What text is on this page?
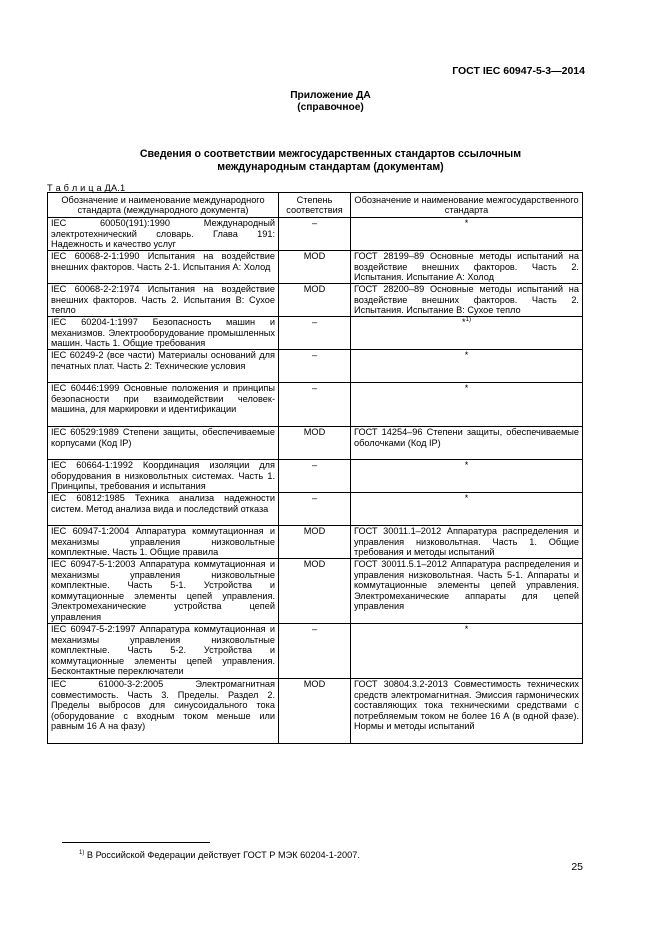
ГОСТ IEC 60947-5-3—2014
Приложение ДА
(справочное)
Сведения о соответствии межгосударственных стандартов ссылочным
международным стандартам (документам)
Т а б л и ц а ДА.1
Обозначение и наименование международного стандарта (международного документа)	Степень соответствия	Обозначение и наименование межгосударственного стандарта
IEC 60050(191):1990 Международный электротехнический словарь. Глава 191: Надежность и качество услуг	–	*
IEC 60068-2-1:1990 Испытания на воздействие внешних факторов. Часть 2-1. Испытания А: Холод	MOD	ГОСТ 28199–89 Основные методы испытаний на воздействие внешних факторов. Часть 2. Испытания. Испытание А: Холод
IEC 60068-2-2:1974 Испытания на воздействие внешних факторов. Часть 2. Испытания В: Сухое тепло	MOD	ГОСТ 28200–89 Основные методы испытаний на воздействие внешних факторов. Часть 2. Испытания. Испытание В: Сухое тепло
IEC 60204-1:1997 Безопасность машин и механизмов. Электрооборудование промышленных машин. Часть 1. Общие требования	–	*$^{1)}$
IEC 60249-2 (все части) Материалы оснований для печатных плат. Часть 2: Технические условия	–	*
IEC 60446:1999 Основные положения и принципы безопасности при взаимодействии человек-машина, для маркировки и идентификации	–	*
IEC 60529:1989 Степени защиты, обеспечиваемые корпусами (Код IP)	MOD	ГОСТ 14254–96 Степени защиты, обеспечиваемые оболочками (Код IP)
IEC 60664-1:1992 Координация изоляции для оборудования в низковольтных системах. Часть 1. Принципы, требования и испытания	–	*
IEC 60812:1985 Техника анализа надежности систем. Метод анализа вида и последствий отказа	–	*
IEC 60947-1:2004 Аппаратура коммутационная и механизмы управления низковольтные комплектные. Часть 1. Общие правила	MOD	ГОСТ 30011.1–2012 Аппаратура распределения и управления низковольтная. Часть 1. Общие требования и методы испытаний
IEC 60947-5-1:2003 Аппаратура коммутационная и механизмы управления низковольтные комплектные. Часть 5-1. Устройства и коммутационные элементы цепей управления. Электромеханические устройства цепей управления	MOD	ГОСТ 30011.5.1–2012 Аппаратура распределения и управления низковольтная. Часть 5-1. Аппараты и коммутационные элементы цепей управления. Электромеханические аппараты для цепей управления
IEC 60947-5-2:1997 Аппаратура коммутационная и механизмы управления низковольтные комплектные. Часть 5-2. Устройства и коммутационные элементы цепей управления. Бесконтактные переключатели	–	*
IEC 61000-3-2:2005 Электромагнитная совместимость. Часть 3. Пределы. Раздел 2. Пределы выбросов для синусоидального тока (оборудование с входным током меньше или равным 16 А на фазу)	MOD	ГОСТ 30804.3.2-2013 Совместимость технических средств электромагнитная. Эмиссия гармонических составляющих тока техническими средствами с потребляемым током не более 16 А (в одной фазе). Нормы и методы испытаний
$^{1)}$ В Российской Федерации действует ГОСТ Р МЭК 60204-1-2007.
25
